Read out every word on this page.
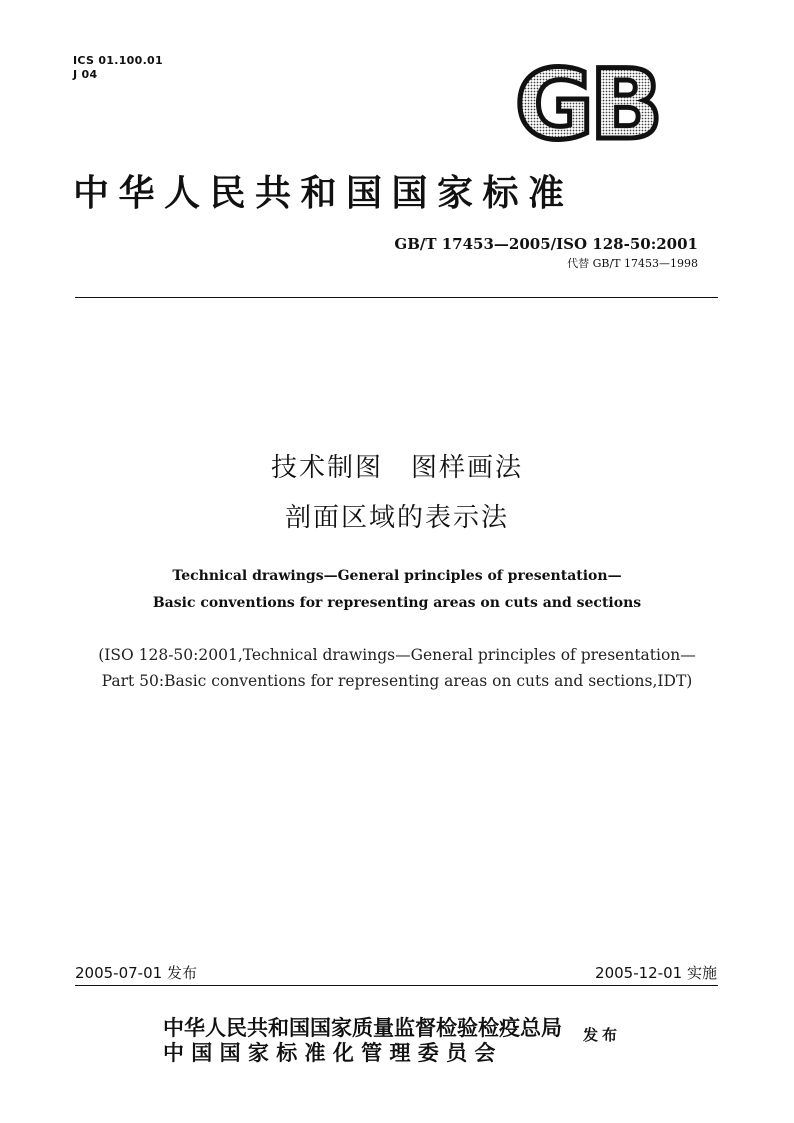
ICS 01.100.01
J 04	GB
中华人民共和国国家标准
GB/T 17453—2005/ISO 128-50:2001
代替 GB/T 17453—1998
技术制图　图样画法
剖面区域的表示法
Technical drawings—General principles of presentation—
Basic conventions for representing areas on cuts and sections
(ISO 128-50:2001,Technical drawings—General principles of presentation—
Part 50:Basic conventions for representing areas on cuts and sections,IDT)
2005-07-01 发布	2005-12-01 实施
中华人民共和国国家质量监督检验检疫总局
中 国 国 家 标 准 化 管 理 委 员 会
发布
